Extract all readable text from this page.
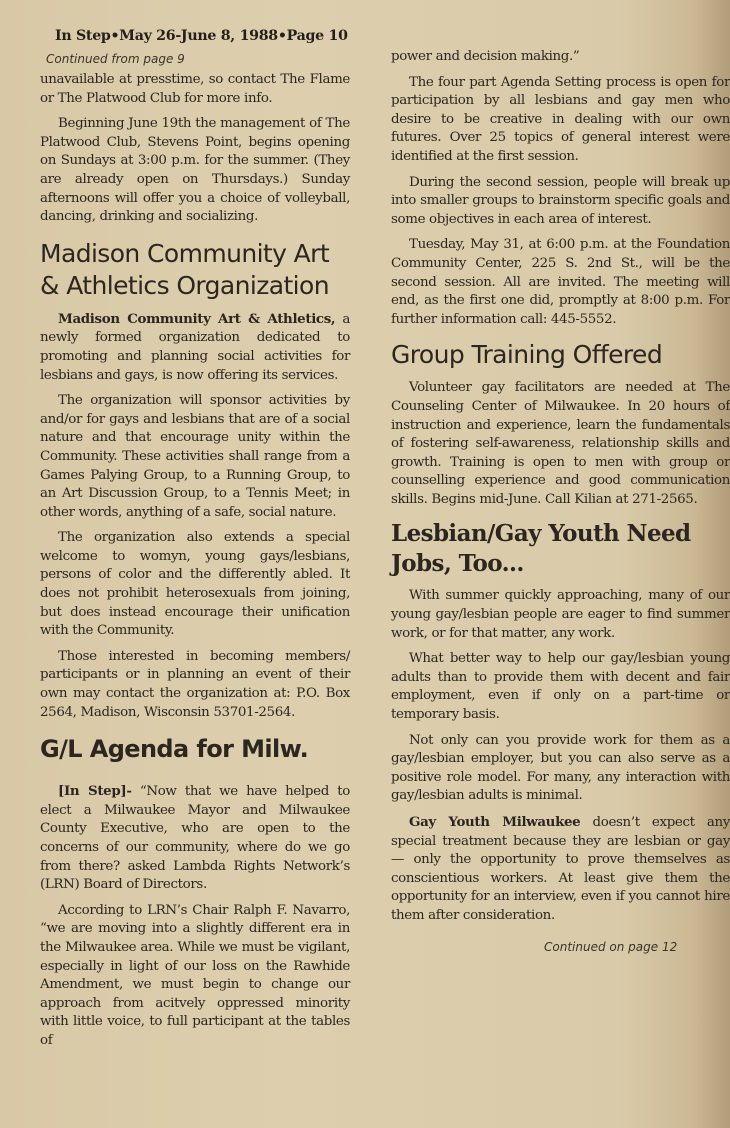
In Step•May 26-June 8, 1988•Page 10
Continued from page 9

unavailable at presstime, so contact The Flame or The Platwood Club for more info.

Beginning June 19th the management of The Platwood Club, Stevens Point, begins opening on Sundays at 3:00 p.m. for the summer. (They are already open on Thursdays.) Sunday afternoons will offer you a choice of volleyball, dancing, drinking and socializing.

Madison Community Art & Athletics Organization

Madison Community Art & Athletics, a newly formed organization dedicated to promoting and planning social activities for lesbians and gays, is now offering its services.

The organization will sponsor activities by and/or for gays and lesbians that are of a social nature and that encourage unity within the Community. These activities shall range from a Games Palying Group, to a Running Group, to an Art Discussion Group, to a Tennis Meet; in other words, anything of a safe, social nature.

The organization also extends a special welcome to womyn, young gays/lesbians, persons of color and the differently abled. It does not prohibit heterosexuals from joining, but does instead encourage their unification with the Community.

Those interested in becoming members/ participants or in planning an event of their own may contact the organization at: P.O. Box 2564, Madison, Wisconsin 53701-2564.

G/L Agenda for Milw.

[In Step]- “Now that we have helped to elect a Milwaukee Mayor and Milwaukee County Executive, who are open to the concerns of our community, where do we go from there? asked Lambda Rights Network’s (LRN) Board of Directors.

According to LRN’s Chair Ralph F. Navarro, “we are moving into a slightly different era in the Milwaukee area. While we must be vigilant, especially in light of our loss on the Rawhide Amendment, we must begin to change our approach from acitvely oppressed minority with little voice, to full participant at the tables of

power and decision making.”

The four part Agenda Setting process is open for participation by all lesbians and gay men who desire to be creative in dealing with our own futures. Over 25 topics of general interest were identified at the first session.

During the second session, people will break up into smaller groups to brainstorm specific goals and some objectives in each area of interest.

Tuesday, May 31, at 6:00 p.m. at the Foundation Community Center, 225 S. 2nd St., will be the second session. All are invited. The meeting will end, as the first one did, promptly at 8:00 p.m. For further information call: 445-5552.

Group Training Offered

Volunteer gay facilitators are needed at The Counseling Center of Milwaukee. In 20 hours of instruction and experience, learn the fundamentals of fostering self-awareness, relationship skills and growth. Training is open to men with group or counselling experience and good communication skills. Begins mid-June. Call Kilian at 271-2565.

Lesbian/Gay Youth Need Jobs, Too...

With summer quickly approaching, many of our young gay/lesbian people are eager to find summer work, or for that matter, any work.

What better way to help our gay/lesbian young adults than to provide them with decent and fair employment, even if only on a part-time or temporary basis.

Not only can you provide work for them as a gay/lesbian employer, but you can also serve as a positive role model. For many, any interaction with gay/lesbian adults is minimal.

Gay Youth Milwaukee doesn’t expect any special treatment because they are lesbian or gay — only the opportunity to prove themselves as conscientious workers. At least give them the opportunity for an interview, even if you cannot hire them after consideration.

Continued on page 12
